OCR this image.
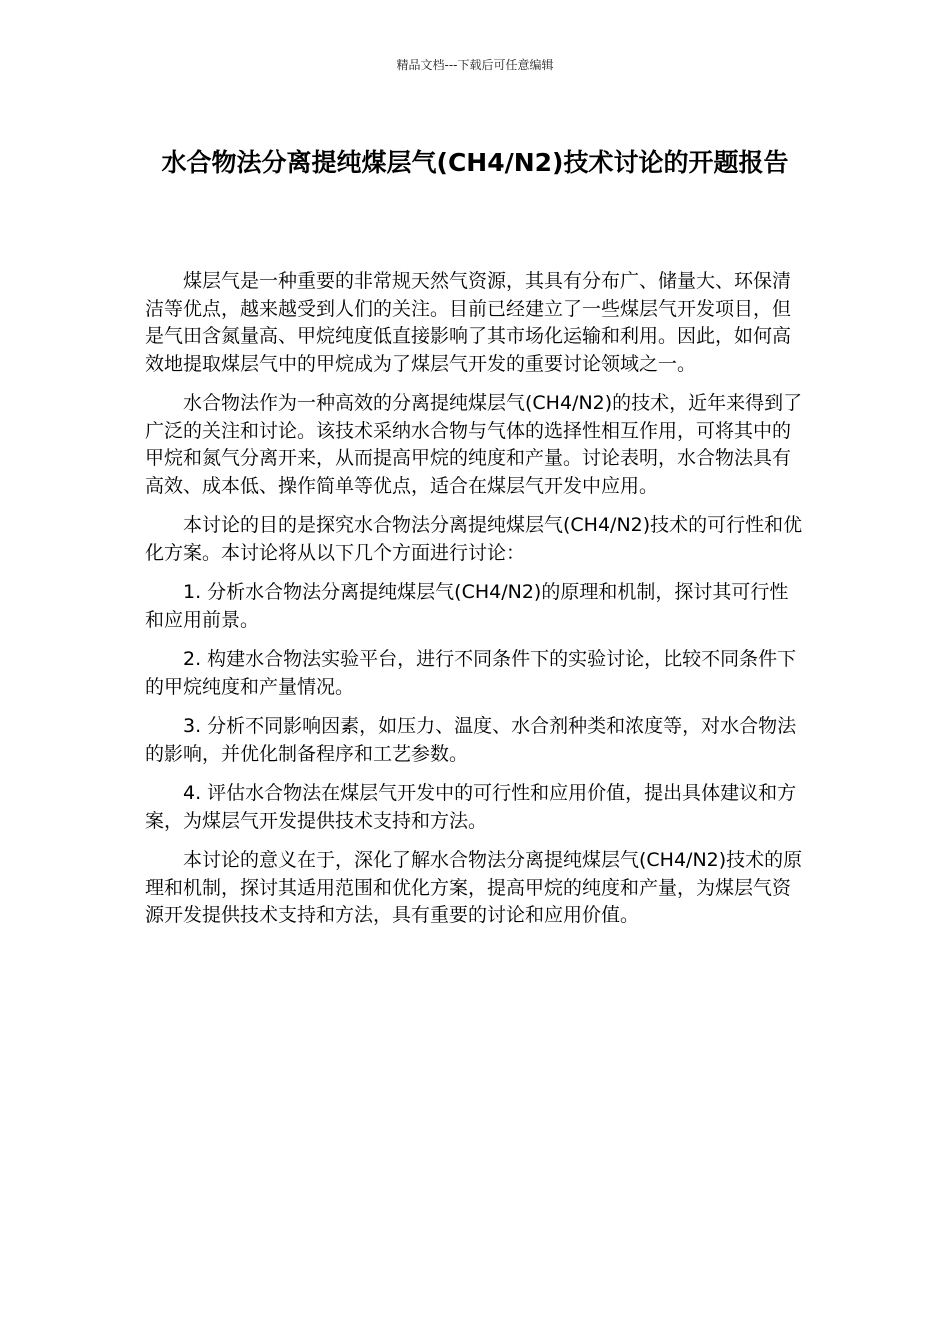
精品文档---下载后可任意编辑
水合物法分离提纯煤层气(CH4/N2)技术讨论的开题报告

煤层气是一种重要的非常规天然气资源，其具有分布广、储量大、环保清洁等优点，越来越受到人们的关注。目前已经建立了一些煤层气开发项目，但是气田含氮量高、甲烷纯度低直接影响了其市场化运输和利用。因此，如何高效地提取煤层气中的甲烷成为了煤层气开发的重要讨论领域之一。

水合物法作为一种高效的分离提纯煤层气(CH4/N2)的技术，近年来得到了广泛的关注和讨论。该技术采纳水合物与气体的选择性相互作用，可将其中的甲烷和氮气分离开来，从而提高甲烷的纯度和产量。讨论表明，水合物法具有高效、成本低、操作简单等优点，适合在煤层气开发中应用。

本讨论的目的是探究水合物法分离提纯煤层气(CH4/N2)技术的可行性和优化方案。本讨论将从以下几个方面进行讨论：

1. 分析水合物法分离提纯煤层气(CH4/N2)的原理和机制，探讨其可行性和应用前景。

2. 构建水合物法实验平台，进行不同条件下的实验讨论，比较不同条件下的甲烷纯度和产量情况。

3. 分析不同影响因素，如压力、温度、水合剂种类和浓度等，对水合物法的影响，并优化制备程序和工艺参数。

4. 评估水合物法在煤层气开发中的可行性和应用价值，提出具体建议和方案，为煤层气开发提供技术支持和方法。

本讨论的意义在于，深化了解水合物法分离提纯煤层气(CH4/N2)技术的原理和机制，探讨其适用范围和优化方案，提高甲烷的纯度和产量，为煤层气资源开发提供技术支持和方法，具有重要的讨论和应用价值。
